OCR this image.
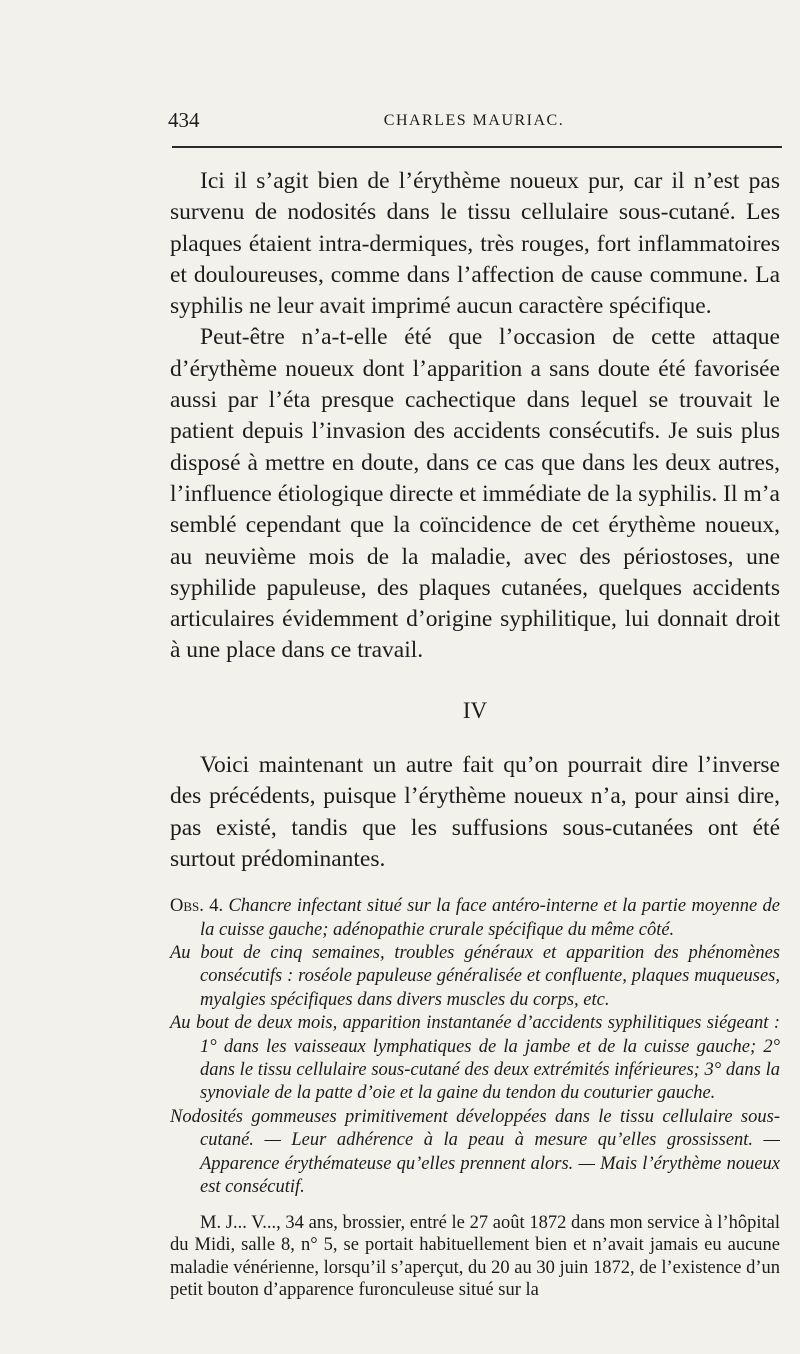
434	CHARLES MAURIAC.

Ici il s’agit bien de l’érythème noueux pur, car il n’est pas survenu de nodosités dans le tissu cellulaire sous-cutané. Les plaques étaient intra-dermiques, très rouges, fort inflammatoires et douloureuses, comme dans l’affection de cause commune. La syphilis ne leur avait imprimé aucun caractère spécifique.

Peut-être n’a-t-elle été que l’occasion de cette attaque d’érythème noueux dont l’apparition a sans doute été favorisée aussi par l’éta presque cachectique dans lequel se trouvait le patient depuis l’invasion des accidents consécutifs. Je suis plus disposé à mettre en doute, dans ce cas que dans les deux autres, l’influence étiologique directe et immédiate de la syphilis. Il m’a semblé cependant que la coïncidence de cet érythème noueux, au neuvième mois de la maladie, avec des périostoses, une syphilide papuleuse, des plaques cutanées, quelques accidents articulaires évidemment d’origine syphilitique, lui donnait droit à une place dans ce travail.

IV

Voici maintenant un autre fait qu’on pourrait dire l’inverse des précédents, puisque l’érythème noueux n’a, pour ainsi dire, pas existé, tandis que les suffusions sous-cutanées ont été surtout prédominantes.

Obs. 4. Chancre infectant situé sur la face antéro-interne et la partie moyenne de la cuisse gauche; adénopathie crurale spécifique du même côté.

Au bout de cinq semaines, troubles généraux et apparition des phénomènes consécutifs : roséole papuleuse généralisée et confluente, plaques muqueuses, myalgies spécifiques dans divers muscles du corps, etc.

Au bout de deux mois, apparition instantanée d’accidents syphilitiques siégeant : 1° dans les vaisseaux lymphatiques de la jambe et de la cuisse gauche; 2° dans le tissu cellulaire sous-cutané des deux extrémités inférieures; 3° dans la synoviale de la patte d’oie et la gaine du tendon du couturier gauche.

Nodosités gommeuses primitivement développées dans le tissu cellulaire sous-cutané. — Leur adhérence à la peau à mesure qu’elles grossissent. — Apparence érythémateuse qu’elles prennent alors. — Mais l’érythème noueux est consécutif.

M. J... V..., 34 ans, brossier, entré le 27 août 1872 dans mon service à l’hôpital du Midi, salle 8, n° 5, se portait habituellement bien et n’avait jamais eu aucune maladie vénérienne, lorsqu’il s’aperçut, du 20 au 30 juin 1872, de l’existence d’un petit bouton d’apparence furonculeuse situé sur la
